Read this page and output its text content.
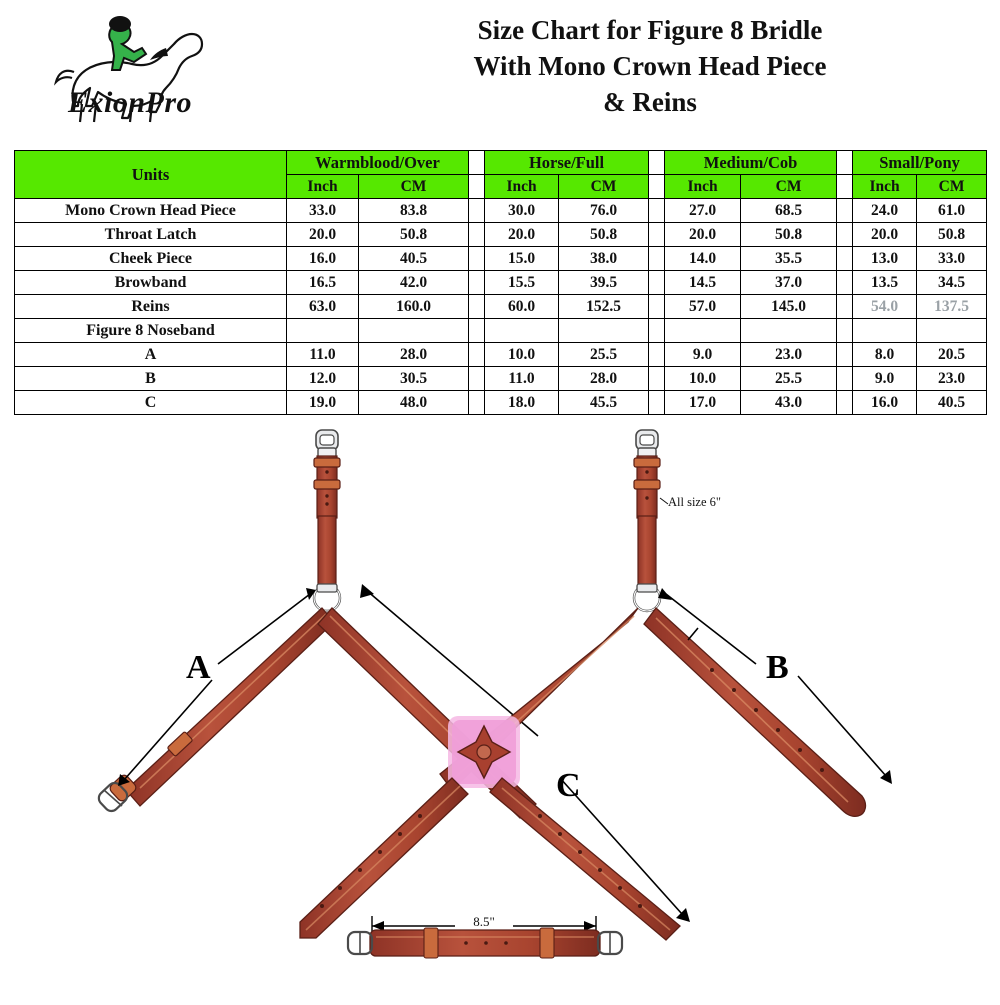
ExionPro
Size Chart for Figure 8 Bridle
With Mono Crown Head Piece
& Reins
Units	Warmblood/Over			Horse/Full			Medium/Cob			Small/Pony	
	Inch	CM		Inch	CM		Inch	CM		Inch	CM
Mono Crown Head Piece	33.0	83.8		30.0	76.0		27.0	68.5		24.0	61.0
Throat Latch	20.0	50.8		20.0	50.8		20.0	50.8		20.0	50.8
Cheek Piece	16.0	40.5		15.0	38.0		14.0	35.5		13.0	33.0
Browband	16.5	42.0		15.5	39.5		14.5	37.0		13.5	34.5
Reins	63.0	160.0		60.0	152.5		57.0	145.0		54.0	137.5
Figure 8 Noseband											
A	11.0	28.0		10.0	25.5		9.0	23.0		8.0	20.5
B	12.0	30.5		11.0	28.0		10.0	25.5		9.0	23.0
C	19.0	48.0		18.0	45.5		17.0	43.0		16.0	40.5
A
C
B
All size 6"
8.5"
